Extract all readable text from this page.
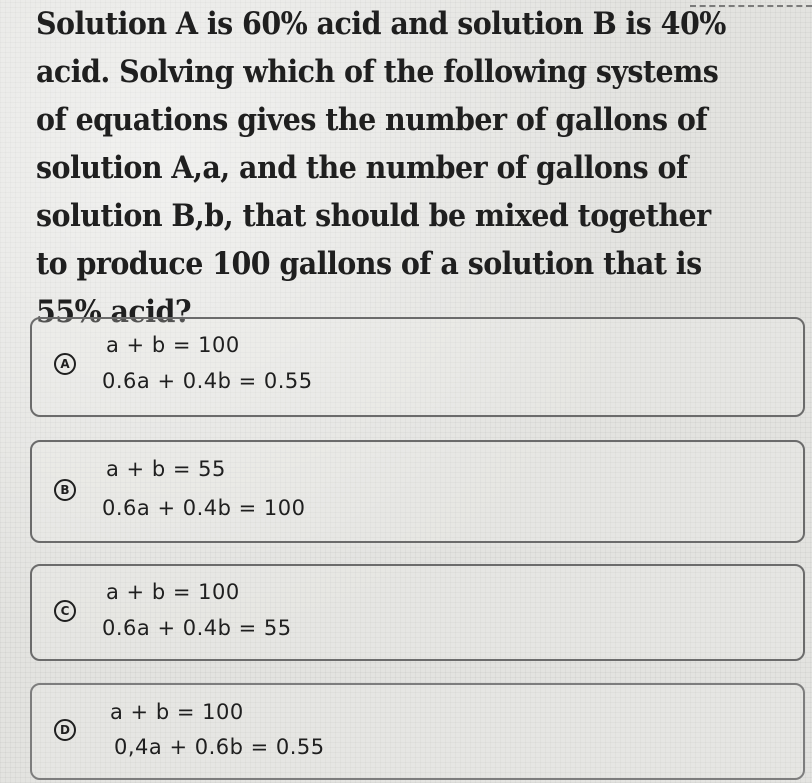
Solution A is 60% acid and solution B is 40% acid. Solving which of the following systems of equations gives the number of gallons of solution A,a, and the number of gallons of solution B,b, that should be mixed together to produce 100 gallons of a solution that is 55% acid?

A
a + b = 100
0.6a + 0.4b = 0.55
B
a + b = 55
0.6a + 0.4b = 100
C
a + b = 100
0.6a + 0.4b = 55
D
a + b = 100
0,4a + 0.6b = 0.55
